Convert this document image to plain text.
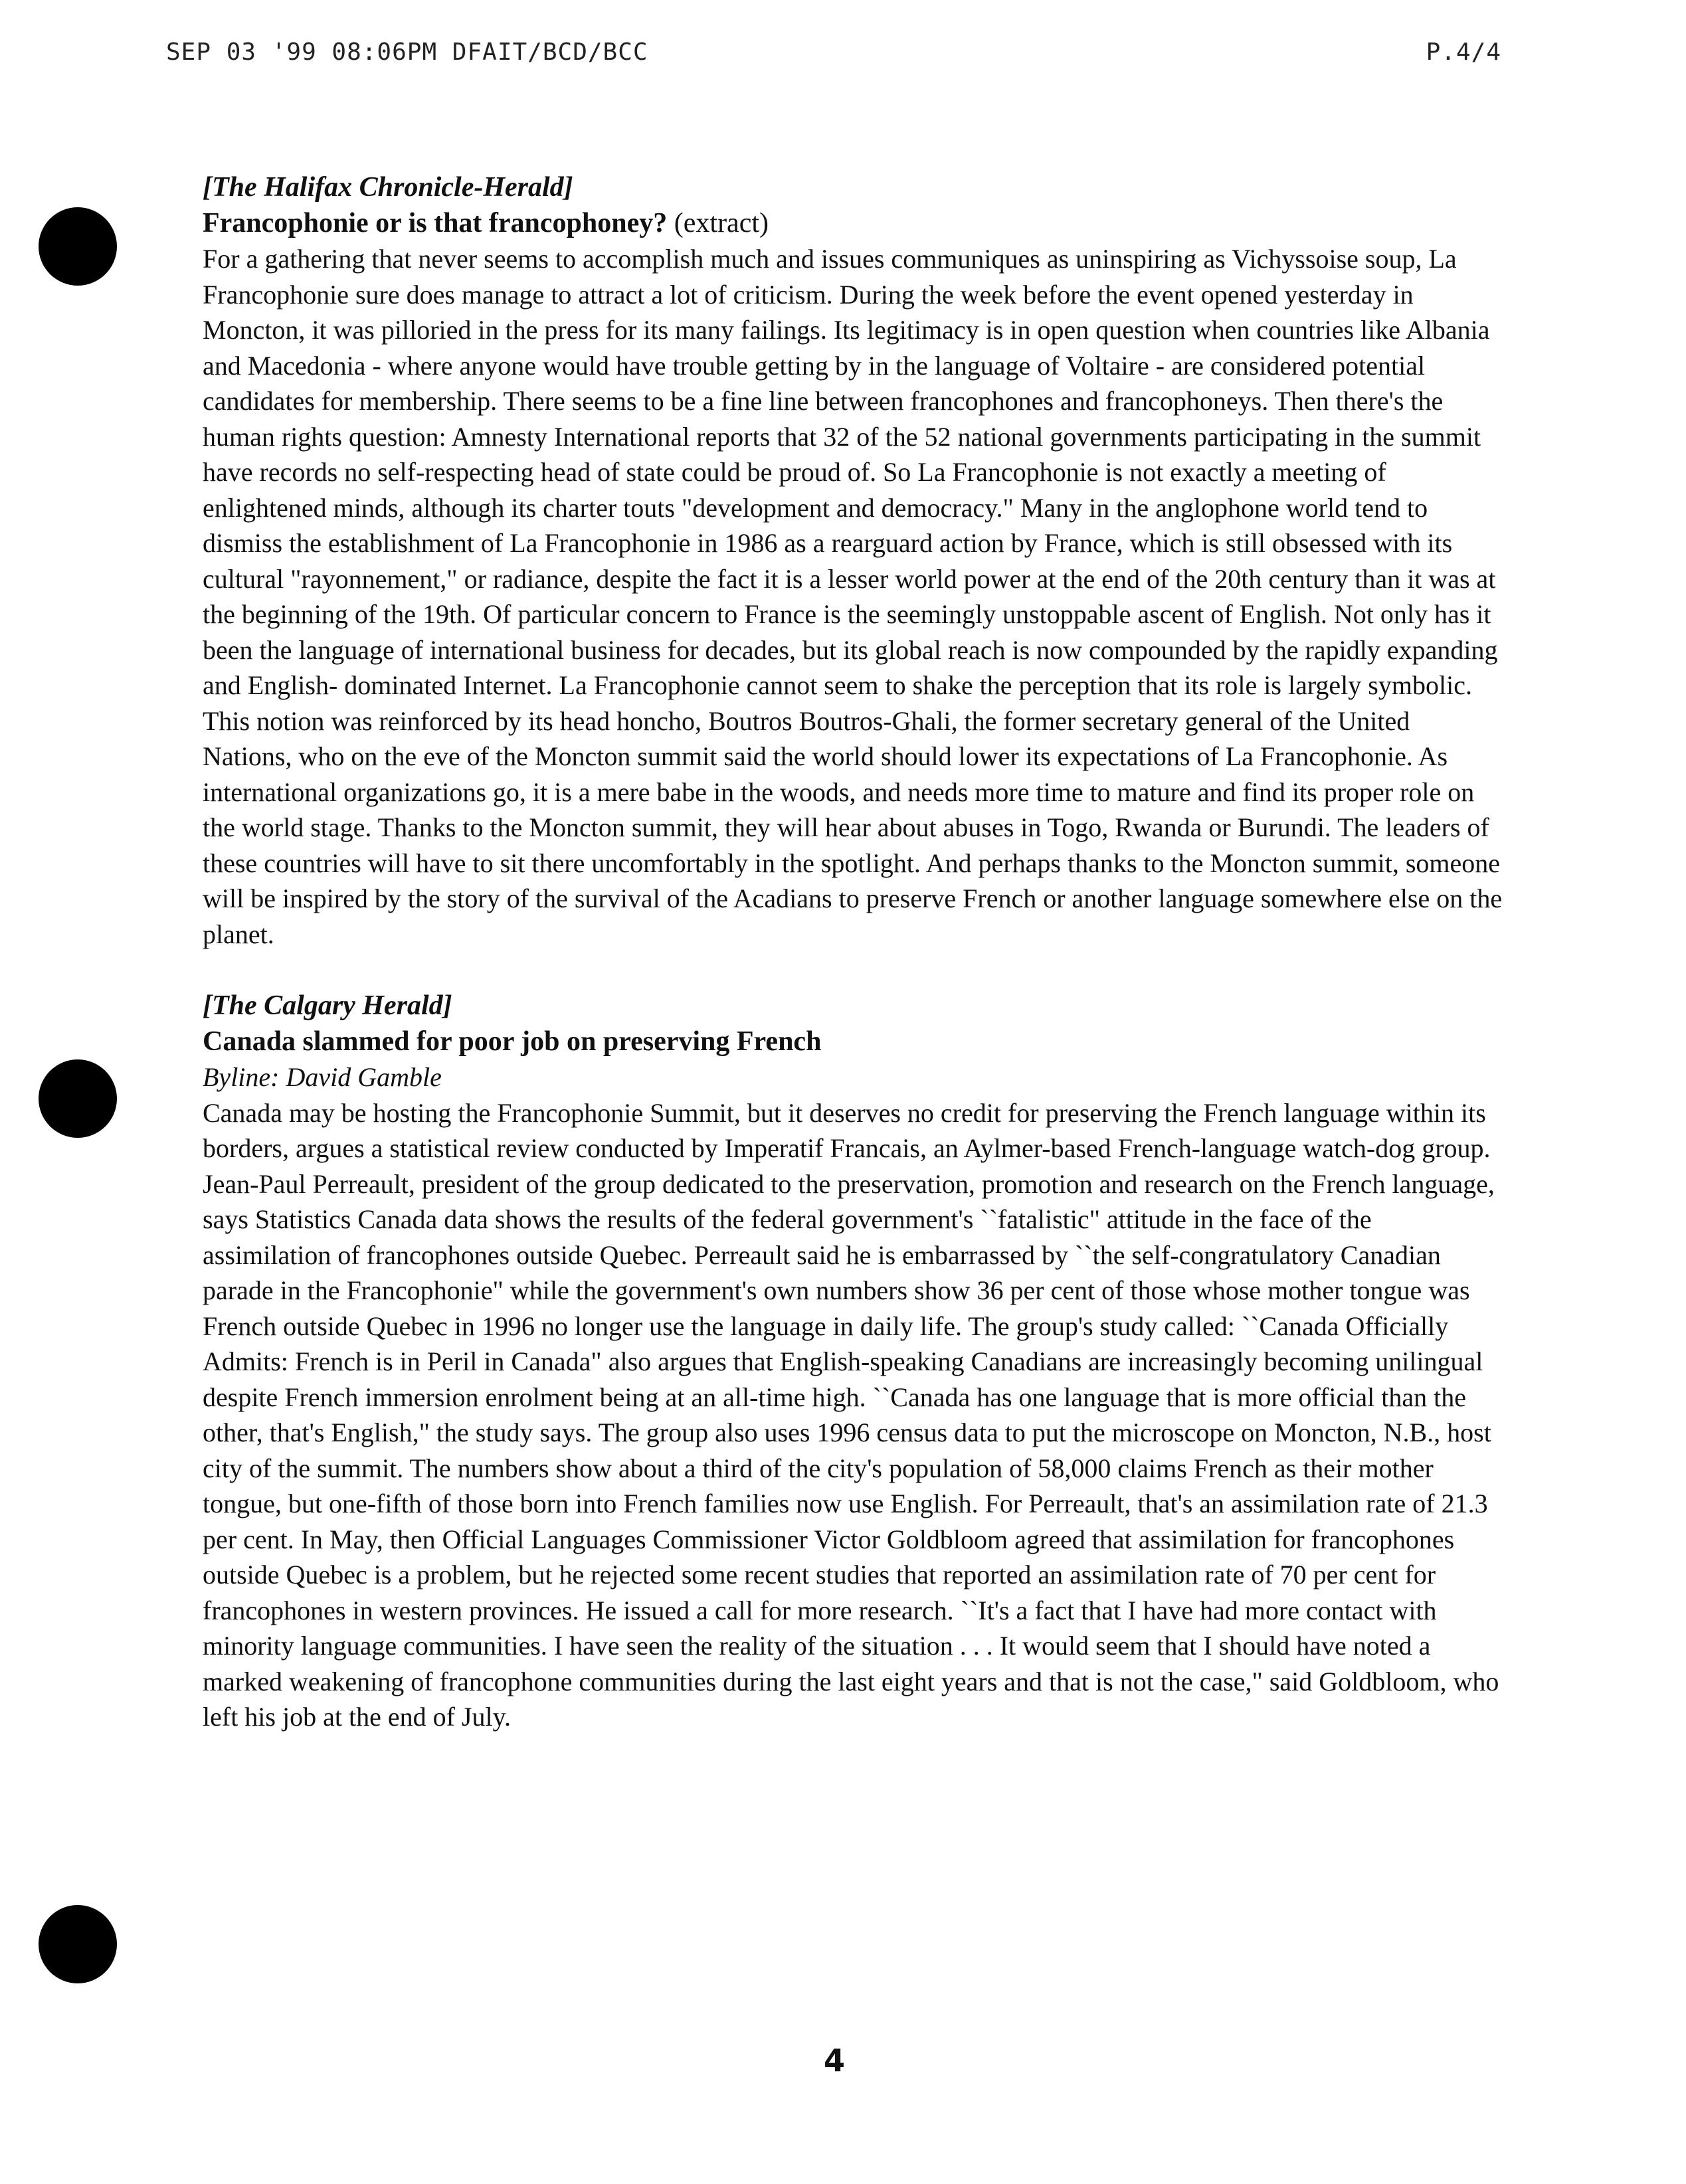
SEP 03 '99 08:06PM DFAIT/BCD/BCC	P.4/4

[The Halifax Chronicle-Herald]

Francophonie or is that francophoney? (extract)

For a gathering that never seems to accomplish much and issues communiques as uninspiring as Vichyssoise soup, La Francophonie sure does manage to attract a lot of criticism. During the week before the event opened yesterday in Moncton, it was pilloried in the press for its many failings. Its legitimacy is in open question when countries like Albania and Macedonia - where anyone would have trouble getting by in the language of Voltaire - are considered potential candidates for membership. There seems to be a fine line between francophones and francophoneys. Then there's the human rights question: Amnesty International reports that 32 of the 52 national governments participating in the summit have records no self-respecting head of state could be proud of. So La Francophonie is not exactly a meeting of enlightened minds, although its charter touts "development and democracy." Many in the anglophone world tend to dismiss the establishment of La Francophonie in 1986 as a rearguard action by France, which is still obsessed with its cultural "rayonnement," or radiance, despite the fact it is a lesser world power at the end of the 20th century than it was at the beginning of the 19th. Of particular concern to France is the seemingly unstoppable ascent of English. Not only has it been the language of international business for decades, but its global reach is now compounded by the rapidly expanding and English- dominated Internet. La Francophonie cannot seem to shake the perception that its role is largely symbolic. This notion was reinforced by its head honcho, Boutros Boutros-Ghali, the former secretary general of the United Nations, who on the eve of the Moncton summit said the world should lower its expectations of La Francophonie. As international organizations go, it is a mere babe in the woods, and needs more time to mature and find its proper role on the world stage. Thanks to the Moncton summit, they will hear about abuses in Togo, Rwanda or Burundi. The leaders of these countries will have to sit there uncomfortably in the spotlight. And perhaps thanks to the Moncton summit, someone will be inspired by the story of the survival of the Acadians to preserve French or another language somewhere else on the planet.

[The Calgary Herald]

Canada slammed for poor job on preserving French

Byline: David Gamble

Canada may be hosting the Francophonie Summit, but it deserves no credit for preserving the French language within its borders, argues a statistical review conducted by Imperatif Francais, an Aylmer-based French-language watch-dog group. Jean-Paul Perreault, president of the group dedicated to the preservation, promotion and research on the French language, says Statistics Canada data shows the results of the federal government's ``fatalistic" attitude in the face of the assimilation of francophones outside Quebec. Perreault said he is embarrassed by ``the self-congratulatory Canadian parade in the Francophonie" while the government's own numbers show 36 per cent of those whose mother tongue was French outside Quebec in 1996 no longer use the language in daily life. The group's study called: ``Canada Officially Admits: French is in Peril in Canada" also argues that English-speaking Canadians are increasingly becoming unilingual despite French immersion enrolment being at an all-time high. ``Canada has one language that is more official than the other, that's English," the study says. The group also uses 1996 census data to put the microscope on Moncton, N.B., host city of the summit. The numbers show about a third of the city's population of 58,000 claims French as their mother tongue, but one-fifth of those born into French families now use English. For Perreault, that's an assimilation rate of 21.3 per cent. In May, then Official Languages Commissioner Victor Goldbloom agreed that assimilation for francophones outside Quebec is a problem, but he rejected some recent studies that reported an assimilation rate of 70 per cent for francophones in western provinces. He issued a call for more research. ``It's a fact that I have had more contact with minority language communities. I have seen the reality of the situation . . . It would seem that I should have noted a marked weakening of francophone communities during the last eight years and that is not the case," said Goldbloom, who left his job at the end of July.

4
